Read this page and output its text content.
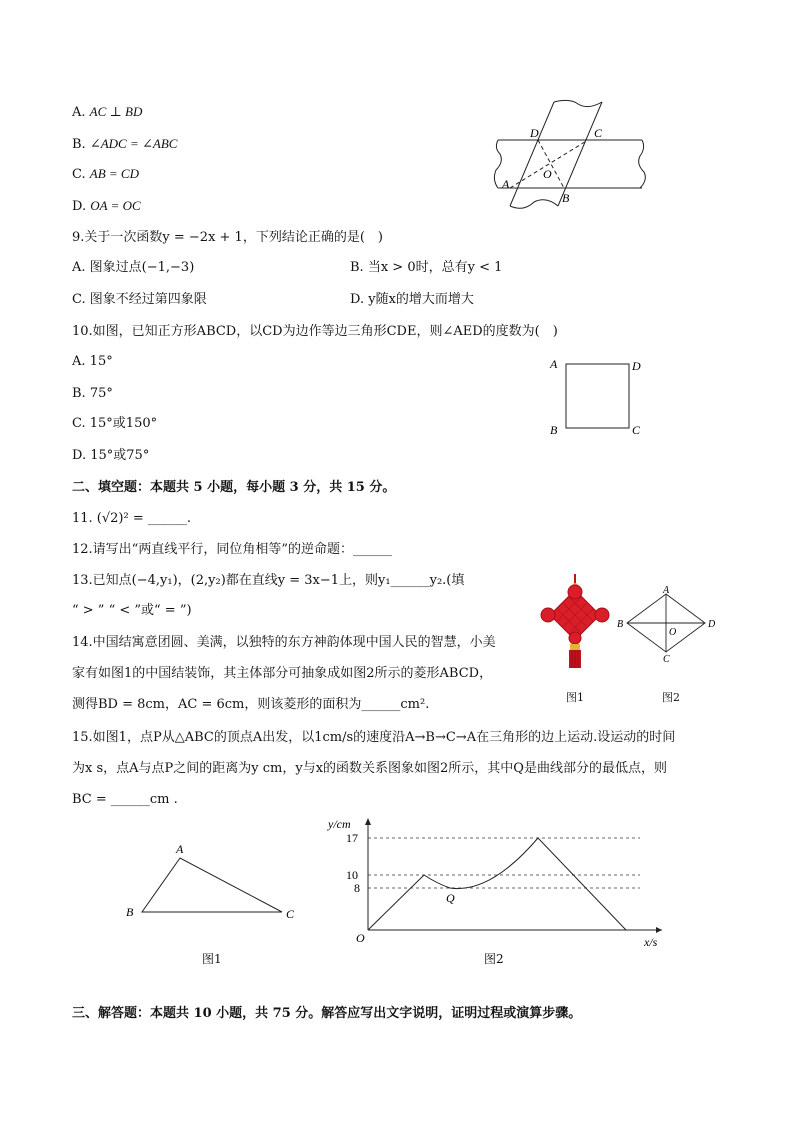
A. AC ⊥ BD
B. ∠ADC = ∠ABC
C. AB = CD
D. OA = OC
D	C
O
A
B
9.关于一次函数y = −2x + 1，下列结论正确的是(　)
A. 图象过点(−1,−3)	B. 当x > 0时，总有y < 1
C. 图象不经过第四象限	D. y随x的增大而增大
10.如图，已知正方形ABCD，以CD为边作等边三角形CDE，则∠AED的度数为(　)
A. 15°
B. 75°
C. 15°或150°
D. 15°或75°
A	D
B	C
二、填空题：本题共 5 小题，每小题 3 分，共 15 分。
11. (√2)² = ______.
12.请写出“两直线平行，同位角相等”的逆命题：______
13.已知点(−4,y₁)，(2,y₂)都在直线y = 3x−1上，则y₁______y₂.(填
“ > ” “ < ”或“ = ”)
14.中国结寓意团圆、美满，以独特的东方神韵体现中国人民的智慧，小美
家有如图1的中国结装饰，其主体部分可抽象成如图2所示的菱形ABCD，
测得BD = 8cm，AC = 6cm，则该菱形的面积为______cm².	图1
A
B
C
D
O
图2
15.如图1，点P从△ABC的顶点A出发，以1cm/s的速度沿A→B→C→A在三角形的边上运动.设运动的时间
为x s，点A与点P之间的距离为y cm，y与x的函数关系图象如图2所示，其中Q是曲线部分的最低点，则
BC = ______cm .
A
B	C
图1
y/cm
x/s
O
Q
17
10
8
图2
三、解答题：本题共 10 小题，共 75 分。解答应写出文字说明，证明过程或演算步骤。
